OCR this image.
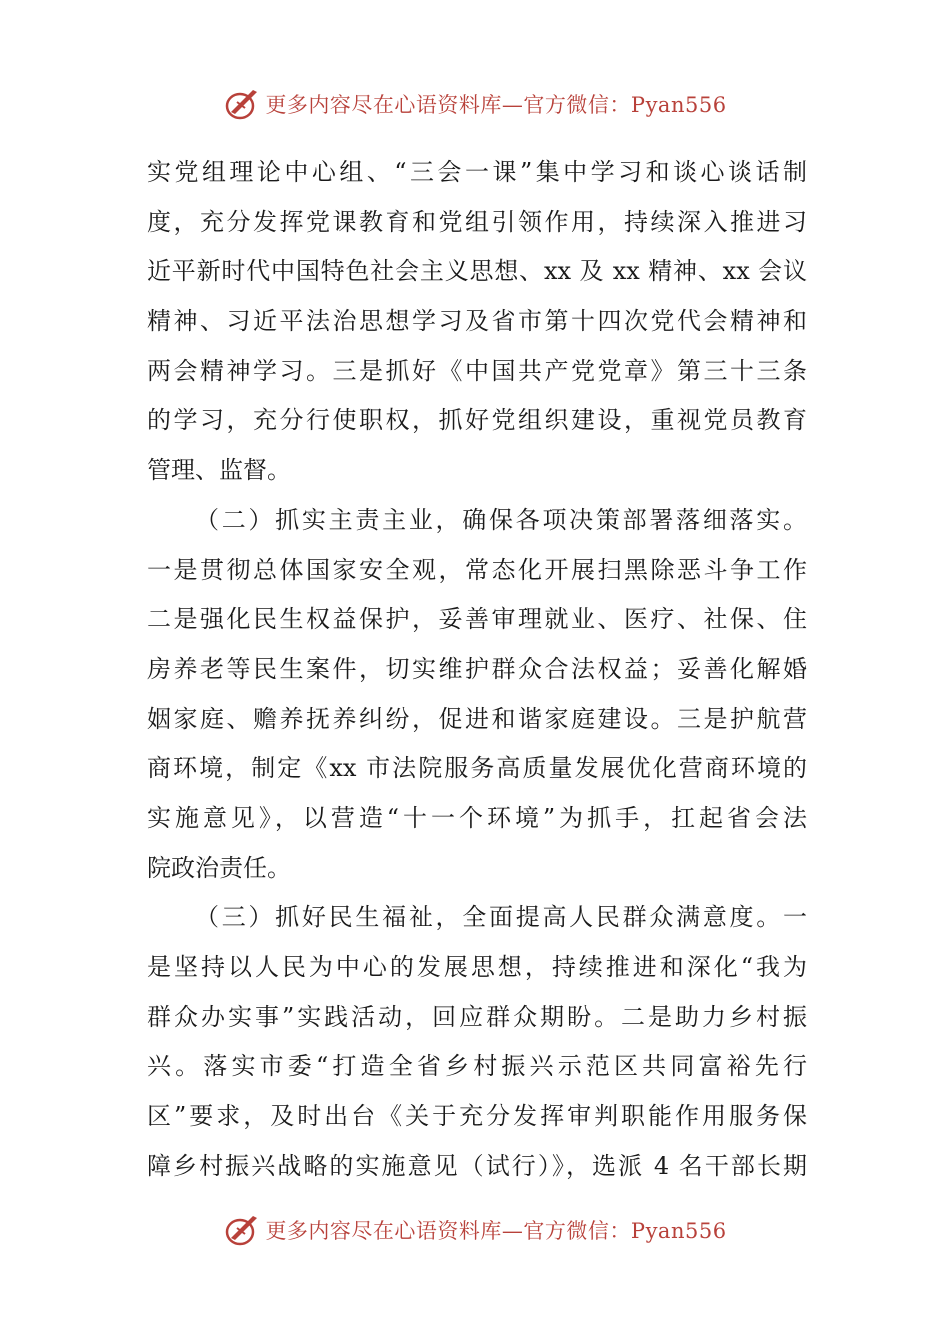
更多内容尽在心语资料库—官方微信：Pyan556
实党组理论中心组、“三会一课”集中学习和谈心谈话制
度，充分发挥党课教育和党组引领作用，持续深入推进习
近平新时代中国特色社会主义思想、xx 及 xx 精神、xx 会议
精神、习近平法治思想学习及省市第十四次党代会精神和
两会精神学习。三是抓好《中国共产党党章》第三十三条
的学习，充分行使职权，抓好党组织建设，重视党员教育
管理、监督。
（二）抓实主责主业，确保各项决策部署落细落实。
一是贯彻总体国家安全观，常态化开展扫黑除恶斗争工作
二是强化民生权益保护，妥善审理就业、医疗、社保、住
房养老等民生案件，切实维护群众合法权益；妥善化解婚
姻家庭、赡养抚养纠纷，促进和谐家庭建设。三是护航营
商环境，制定《xx 市法院服务高质量发展优化营商环境的
实施意见》，以营造“十一个环境”为抓手，扛起省会法
院政治责任。
（三）抓好民生福祉，全面提高人民群众满意度。一
是坚持以人民为中心的发展思想，持续推进和深化“我为
群众办实事”实践活动，回应群众期盼。二是助力乡村振
兴。落实市委“打造全省乡村振兴示范区共同富裕先行
区”要求，及时出台《关于充分发挥审判职能作用服务保
障乡村振兴战略的实施意见（试行）》，选派 4 名干部长期
更多内容尽在心语资料库—官方微信：Pyan556
